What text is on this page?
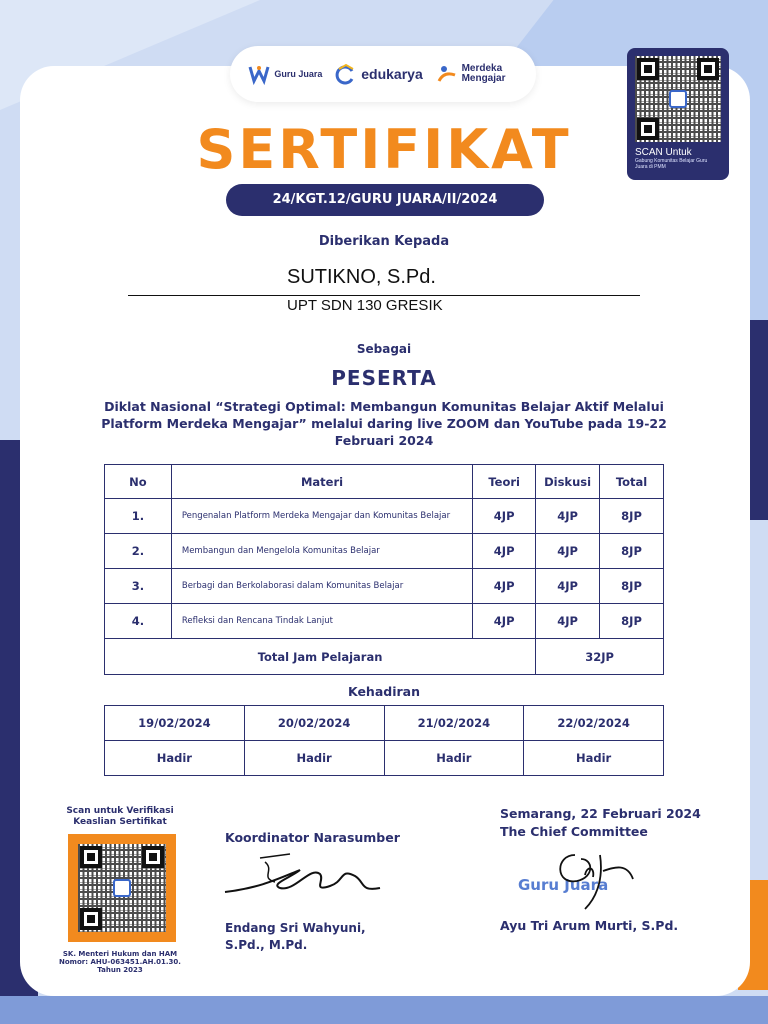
Guru Juara	edukarya	Merdeka Mengajar
SCAN Untuk
Gabung Komunitas Belajar Guru Juara di PMM
SERTIFIKAT
24/KGT.12/GURU JUARA/II/2024
Diberikan Kepada
SUTIKNO, S.Pd.
UPT SDN 130 GRESIK
Sebagai
PESERTA
Diklat Nasional “Strategi Optimal: Membangun Komunitas Belajar Aktif Melalui Platform Merdeka Mengajar” melalui daring live ZOOM dan YouTube pada 19-22 Februari 2024
No	Materi	Teori	Diskusi	Total
1.	Pengenalan Platform Merdeka Mengajar dan Komunitas Belajar	4JP	4JP	8JP
2.	Membangun dan Mengelola Komunitas Belajar	4JP	4JP	8JP
3.	Berbagi dan Berkolaborasi dalam Komunitas Belajar	4JP	4JP	8JP
4.	Refleksi dan Rencana Tindak Lanjut	4JP	4JP	8JP
Total Jam Pelajaran			32JP	
Kehadiran
19/02/2024	20/02/2024	21/02/2024	22/02/2024
Hadir	Hadir	Hadir	Hadir
Scan untuk Verifikasi Keaslian Sertifikat
SK. Menteri Hukum dan HAM Nomor: AHU-063451.AH.01.30. Tahun 2023
Koordinator Narasumber
Endang Sri Wahyuni,
S.Pd., M.Pd.
Semarang, 22 Februari 2024
The Chief Committee
Guru Juara
Ayu Tri Arum Murti, S.Pd.
